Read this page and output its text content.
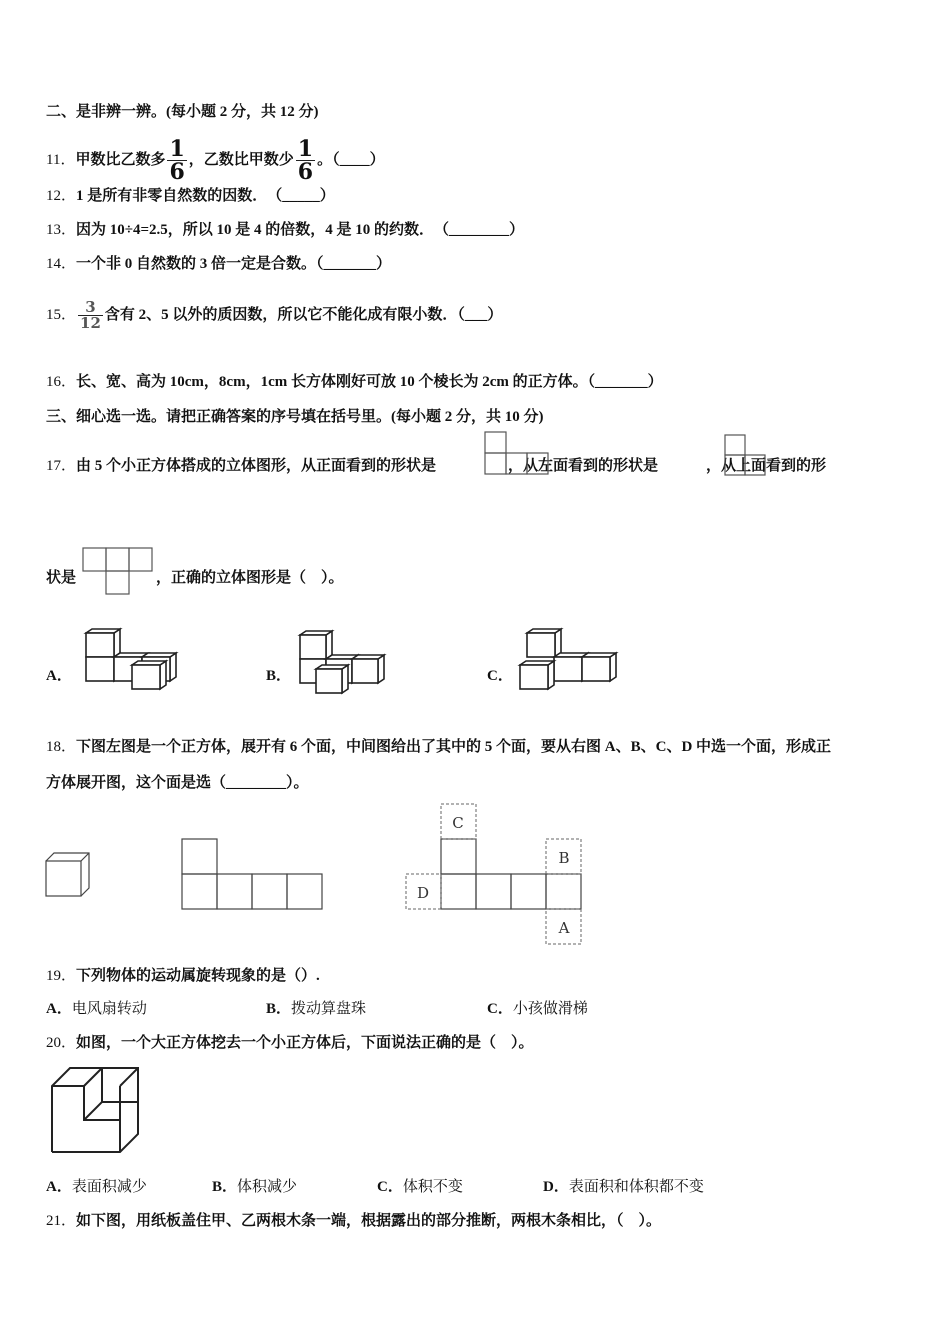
二、是非辨一辨。(每小题 2 分，共 12 分)
11．甲数比乙数多 $\frac{1}{6}$ ，乙数比甲数少 $\frac{1}{6}$ 。（____）
12．1 是所有非零自然数的因数．　（_____）
13．因为 10÷4=2.5，所以 10 是 4 的倍数，4 是 10 的约数．　（________）
14．一个非 0 自然数的 3 倍一定是合数。（_______）
15． $\frac{3}{12}$ 含有 2、5 以外的质因数，所以它不能化成有限小数．（___）
16．长、宽、高为 10cm，8cm，1cm 长方体刚好可放 10 个棱长为 2cm 的正方体。（_______）
三、细心选一选。请把正确答案的序号填在括号里。(每小题 2 分，共 10 分)
17．由 5 个小正方体搭成的立体图形，从正面看到的形状是	，从左面看到的形状是	，从上面看到的形
状是	，正确的立体图形是（　）。
A．	B．	C．
18．下图左图是一个正方体，展开有 6 个面，中间图给出了其中的 5 个面，要从右图 A、B、C、D 中选一个面，形成正
方体展开图，这个面是选（________）。
C
B
A
D
19．下列物体的运动属旋转现象的是（）.
A．电风扇转动	B．拨动算盘珠	C．小孩做滑梯
20．如图，一个大正方体挖去一个小正方体后，下面说法正确的是（　）。
A．表面积减少	B．体积减少	C．体积不变	D．表面积和体积都不变
21．如下图，用纸板盖住甲、乙两根木条一端，根据露出的部分推断，两根木条相比，（　）。
